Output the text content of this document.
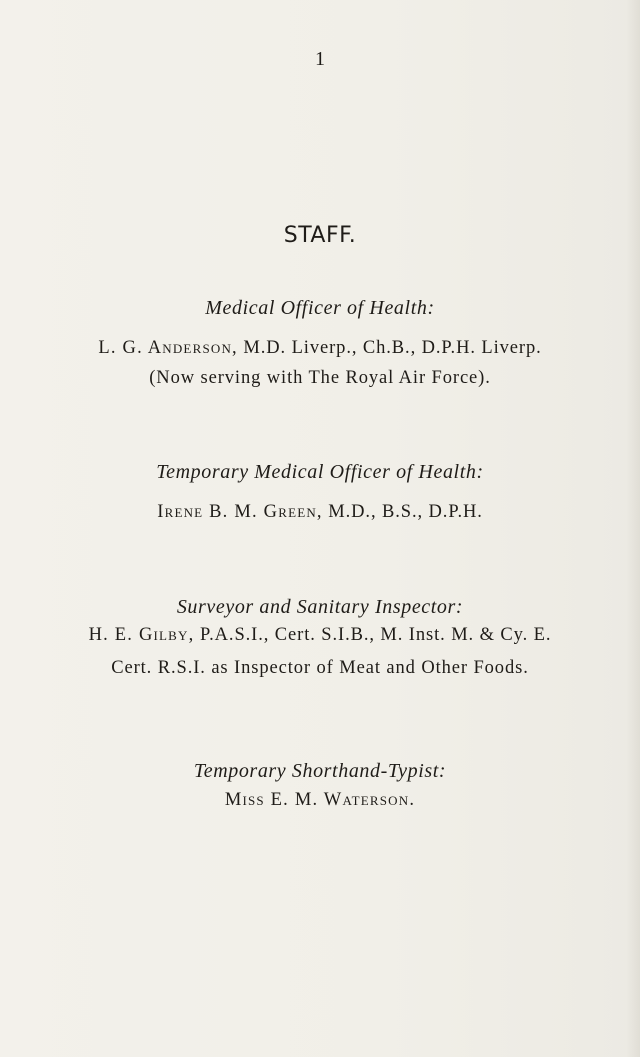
1

STAFF.

Medical Officer of Health:

L. G. Anderson, M.D. Liverp., Ch.B., D.P.H. Liverp.

(Now serving with The Royal Air Force).

Temporary Medical Officer of Health:

Irene B. M. Green, M.D., B.S., D.P.H.

Surveyor and Sanitary Inspector:

H. E. Gilby, P.A.S.I., Cert. S.I.B., M. Inst. M. & Cy. E.

Cert. R.S.I. as Inspector of Meat and Other Foods.

Temporary Shorthand-Typist:

Miss E. M. Waterson.
